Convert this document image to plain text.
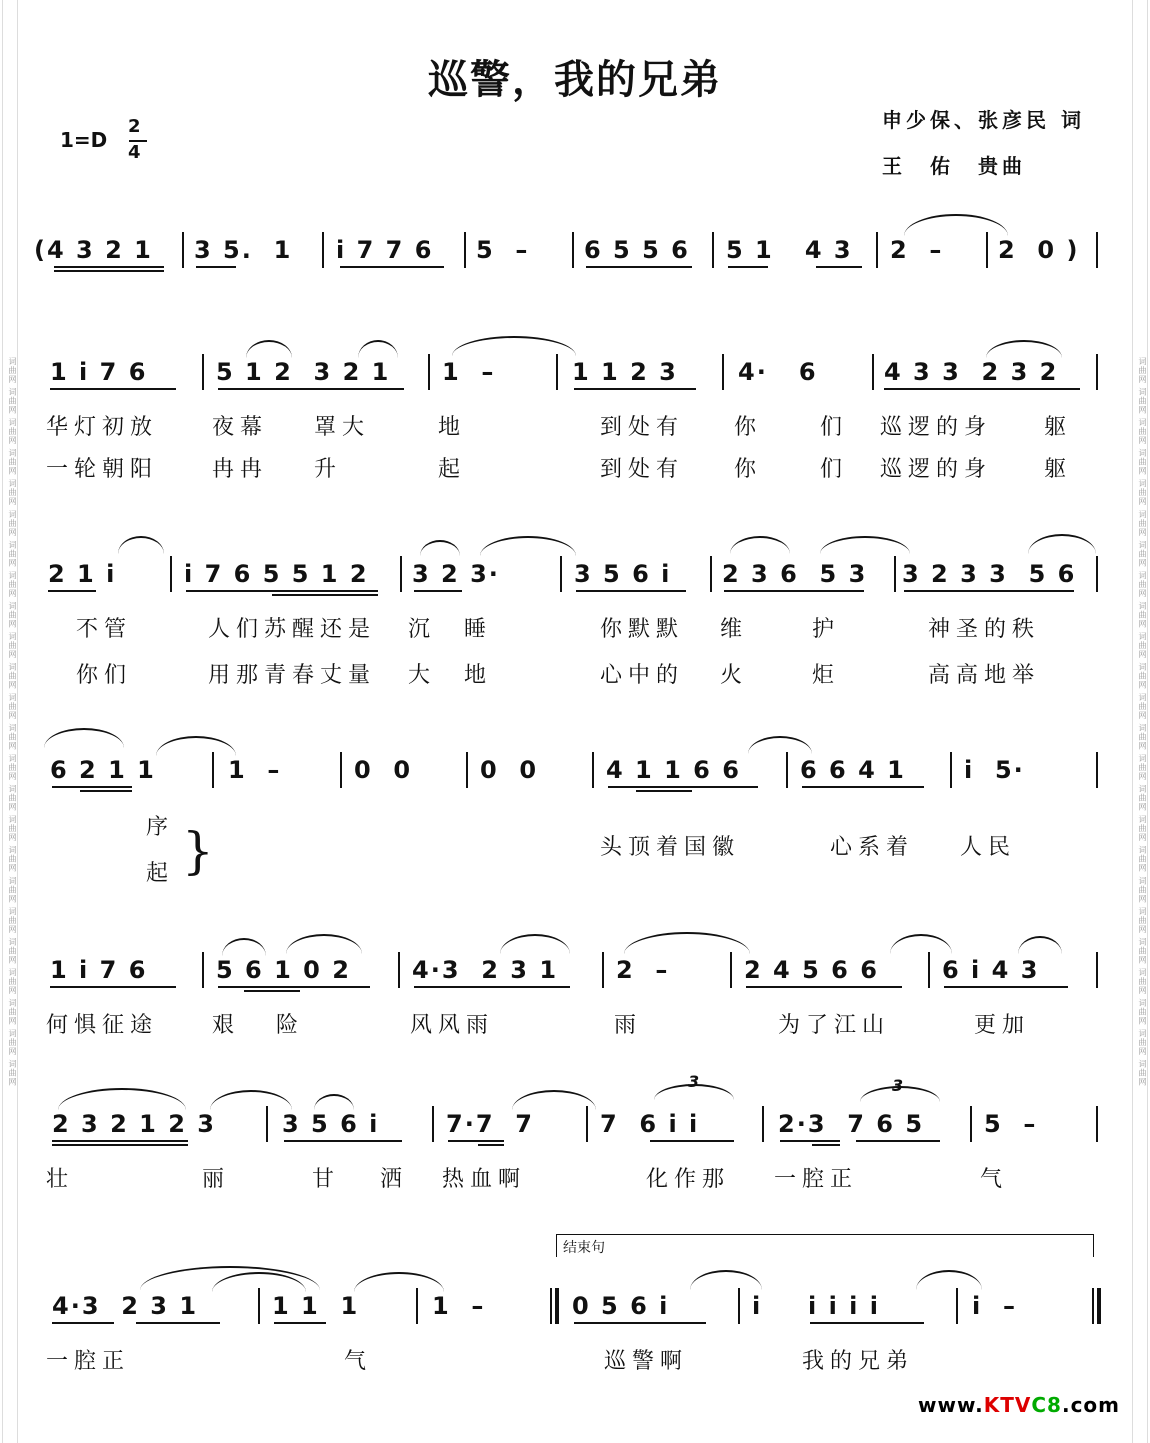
词曲网 词曲网 词曲网 词曲网 词曲网 词曲网 词曲网 词曲网 词曲网 词曲网 词曲网 词曲网 词曲网 词曲网 词曲网 词曲网 词曲网 词曲网 词曲网 词曲网 词曲网 词曲网 词曲网 词曲网	词曲网 词曲网 词曲网 词曲网 词曲网 词曲网 词曲网 词曲网 词曲网 词曲网 词曲网 词曲网 词曲网 词曲网 词曲网 词曲网 词曲网 词曲网 词曲网 词曲网 词曲网 词曲网 词曲网 词曲网
巡警，我的兄弟
申少保、张彦民 词
王　佑　贵曲
1=D
2
4
(4 3 2 1 3 5.  1 i 7 7 6 5  – 6 5 5 6 5 1   4 3 2  – 2  0 )
1 i 7 6	5 1 2  3 2 1 1  –	1 1 2 3	4·   6	4 3 3  2 3 2
华灯初放 夜幕 罩大	地	到处有 你	们 巡逻的身 躯
一轮朝阳 冉冉 升	起	到处有 你	们 巡逻的身 躯
2 1 i	i 7 6 5 5 1 2 3 2 3·	3 5 6 i 2 3 6  5 3 3 2 3 3  5 6
不管	人们苏醒还是 沉 睡	你默默 维	护	神圣的秩
你们	用那青春丈量 大 地	心中的 火	炬	高高地举
6 2 1 1	1  –	0  0	0  0	4 1 1 6 6 6 6 4 1 i  5·
序
头顶着国徽	心系着 人民
起 }
1 i 7 6	5 6 1 0 2	4·3  2 3 1 2  –	2 4 5 6 6	6 i 4 3
何惧征途 艰 险	风风雨	雨	为了江山	更加
2 3 2 1 2 3	3 5 6 i	7·7  7	7  6 i i	2·3  7 6 5 5  –
3	3
壮	丽	甘 洒 热血啊	化作那 一腔正	气
结束句
4·3  2 3 1	1 1  1	1  –	0 5 6 i	i i i i i	i  –
一腔正	气	巡警啊	我的兄弟
www.KTVC8.com
